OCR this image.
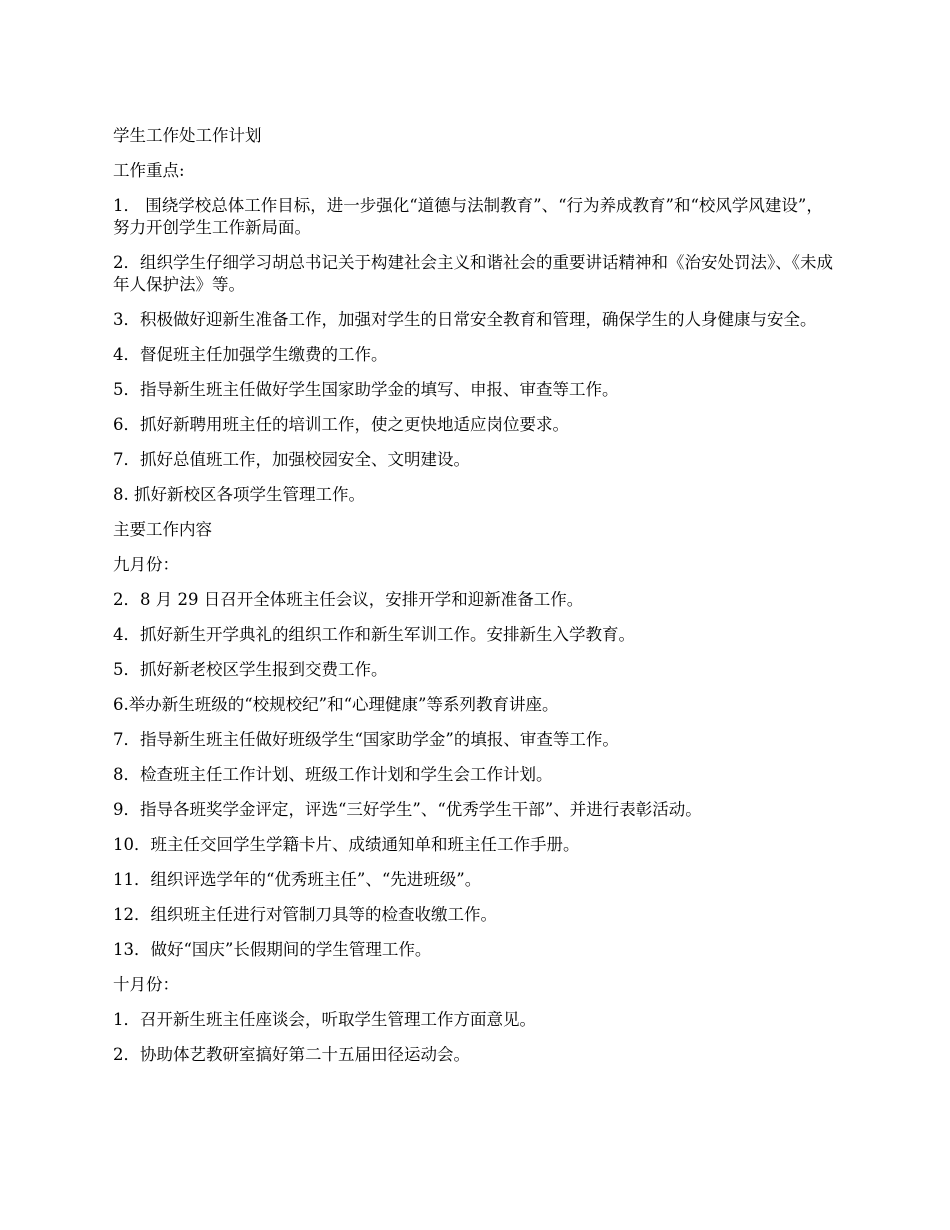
学生工作处工作计划

工作重点:

1． 围绕学校总体工作目标，进一步强化“道德与法制教育”、“行为养成教育”和“校风学风建设”，努力开创学生工作新局面。

2．组织学生仔细学习胡总书记关于构建社会主义和谐社会的重要讲话精神和《治安处罚法》、《未成年人保护法》等。

3．积极做好迎新生准备工作，加强对学生的日常安全教育和管理，确保学生的人身健康与安全。

4．督促班主任加强学生缴费的工作。

5．指导新生班主任做好学生国家助学金的填写、申报、审查等工作。

6．抓好新聘用班主任的培训工作，使之更快地适应岗位要求。

7．抓好总值班工作，加强校园安全、文明建设。

8. 抓好新校区各项学生管理工作。

主要工作内容

九月份：

2．8 月 29 日召开全体班主任会议，安排开学和迎新准备工作。

4．抓好新生开学典礼的组织工作和新生军训工作。安排新生入学教育。

5．抓好新老校区学生报到交费工作。

6.举办新生班级的“校规校纪”和“心理健康”等系列教育讲座。

7．指导新生班主任做好班级学生“国家助学金”的填报、审查等工作。

8．检查班主任工作计划、班级工作计划和学生会工作计划。

9．指导各班奖学金评定，评选“三好学生”、“优秀学生干部”、并进行表彰活动。

10．班主任交回学生学籍卡片、成绩通知单和班主任工作手册。

11．组织评选学年的“优秀班主任”、“先进班级”。

12．组织班主任进行对管制刀具等的检查收缴工作。

13．做好“国庆”长假期间的学生管理工作。

十月份：

1．召开新生班主任座谈会，听取学生管理工作方面意见。

2．协助体艺教研室搞好第二十五届田径运动会。
